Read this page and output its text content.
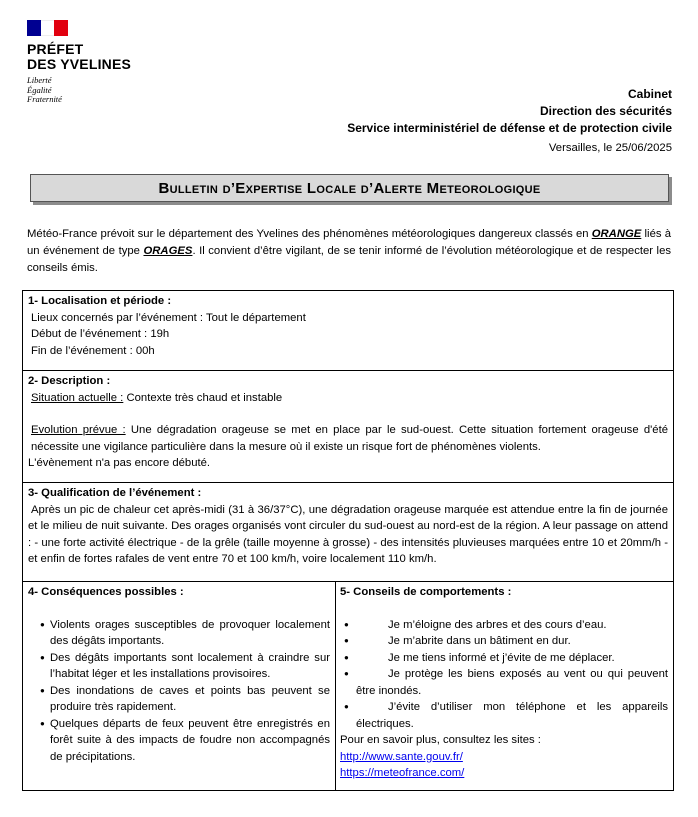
PRÉFET
DES YVELINES
Liberté
Égalité
Fraternité	Cabinet
Direction des sécurités
Service interministériel de défense et de protection civile
Versailles, le 25/06/2025
Bulletin d’Expertise Locale d’Alerte Meteorologique
Météo-France prévoit sur le département des Yvelines des phénomènes météorologiques dangereux classés en ORANGE liés à un événement de type ORAGES. Il convient d’être vigilant, de se tenir informé de l’évolution météorologique et de respecter les conseils émis.
1- Localisation et période :
Lieux concernés par l’événement : Tout le département
Début de l’événement : 19h
Fin de l’événement : 00h
2- Description :
Situation actuelle : Contexte très chaud et instable
Evolution prévue : Une dégradation orageuse se met en place par le sud-ouest. Cette situation fortement orageuse d'été nécessite une vigilance particulière dans la mesure où il existe un risque fort de phénomènes violents.
L'évènement n'a pas encore débuté.
3- Qualification de l’événement :
Après un pic de chaleur cet après-midi (31 à 36/37°C), une dégradation orageuse marquée est attendue entre la fin de journée et le milieu de nuit suivante. Des orages organisés vont circuler du sud-ouest au nord-est de la région. A leur passage on attend : - une forte activité électrique - de la grêle (taille moyenne à grosse) - des intensités pluvieuses marquées entre 10 et 20mm/h - et enfin de fortes rafales de vent entre 70 et 100 km/h, voire localement 110 km/h.
4- Conséquences possibles :
● Violents orages susceptibles de provoquer localement des dégâts importants.
● Des dégâts importants sont localement à craindre sur l’habitat léger et les installations provisoires.
● Des inondations de caves et points bas peuvent se produire très rapidement.
● Quelques départs de feux peuvent être enregistrés en forêt suite à des impacts de foudre non accompagnés de précipitations.
5- Conseils de comportements :
● Je m’éloigne des arbres et des cours d’eau.
● Je m’abrite dans un bâtiment en dur.
● Je me tiens informé et j’évite de me déplacer.
● Je protège les biens exposés au vent ou qui peuvent être inondés.
● J’évite d’utiliser mon téléphone et les appareils électriques.
Pour en savoir plus, consultez les sites :
http://www.sante.gouv.fr/
https://meteofrance.com/
